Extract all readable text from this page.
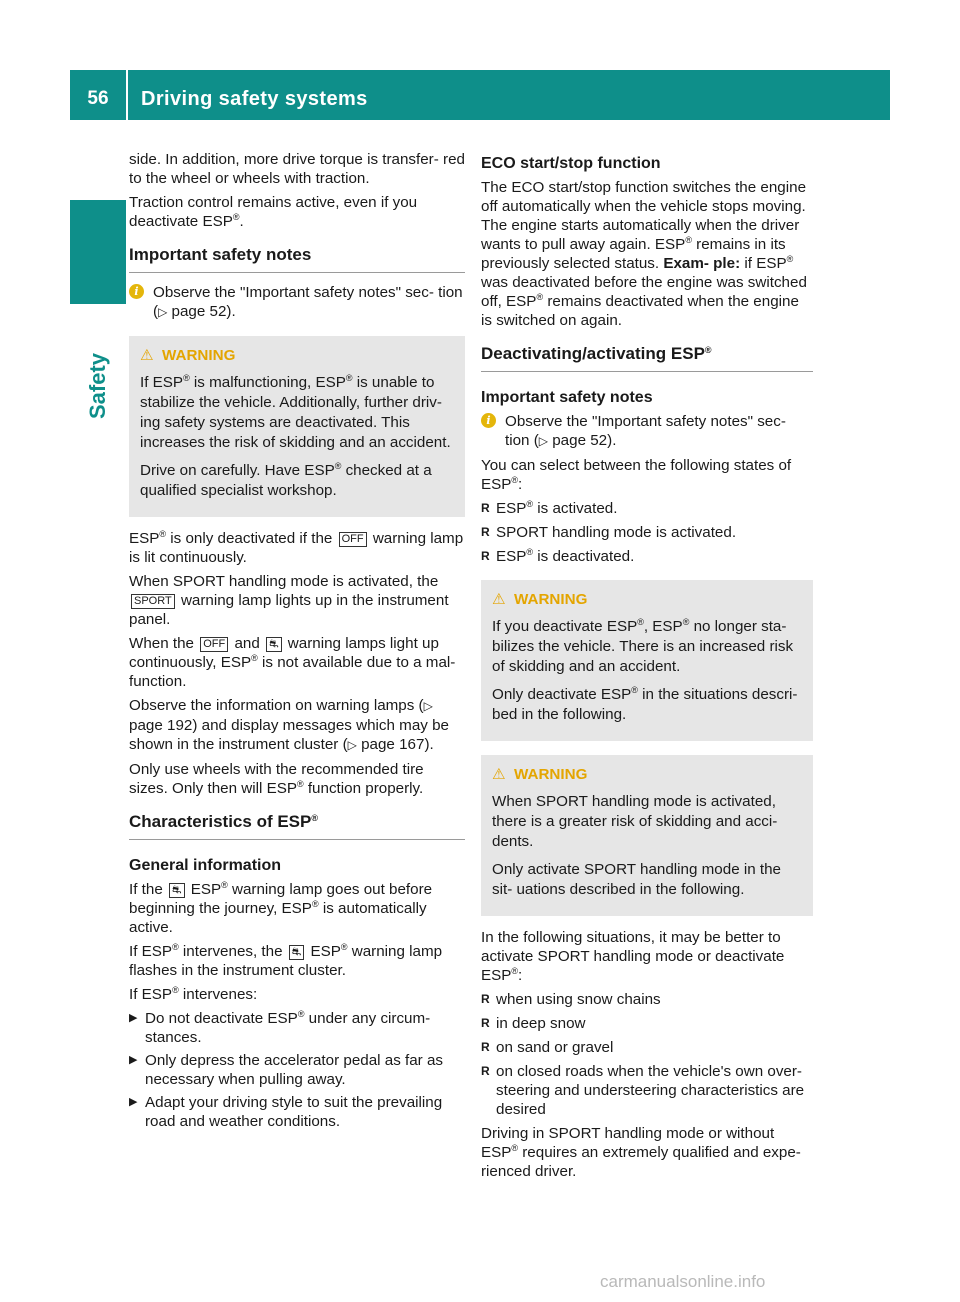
56	Driving safety systems
Safety

side. In addition, more drive torque is transfer- red to the wheel or wheels with traction.

Traction control remains active, even if you deactivate ESP®.

Important safety notes
i Observe the "Important safety notes" sec- tion (▷ page 52).
⚠ WARNING

If ESP® is malfunctioning, ESP® is unable to stabilize the vehicle. Additionally, further driv- ing safety systems are deactivated. This increases the risk of skidding and an accident.

Drive on carefully. Have ESP® checked at a qualified specialist workshop.

ESP® is only deactivated if the OFF warning lamp is lit continuously.

When SPORT handling mode is activated, the SPORT warning lamp lights up in the instrument panel.

When the OFF and ⛐ warning lamps light up continuously, ESP® is not available due to a mal- function.

Observe the information on warning lamps (▷ page 192) and display messages which may be shown in the instrument cluster (▷ page 167).

Only use wheels with the recommended tire sizes. Only then will ESP® function properly.

Characteristics of ESP®
General information

If the ⛐ ESP® warning lamp goes out before beginning the journey, ESP® is automatically active.

If ESP® intervenes, the ⛐ ESP® warning lamp flashes in the instrument cluster.

If ESP® intervenes:

▶ Do not deactivate ESP® under any circum- stances.
▶ Only depress the accelerator pedal as far as necessary when pulling away.
▶ Adapt your driving style to suit the prevailing road and weather conditions.
ECO start/stop function

The ECO start/stop function switches the engine off automatically when the vehicle stops moving. The engine starts automatically when the driver wants to pull away again. ESP® remains in its previously selected status. Exam- ple: if ESP® was deactivated before the engine was switched off, ESP® remains deactivated when the engine is switched on again.

Deactivating/activating ESP®
Important safety notes
i Observe the "Important safety notes" sec- tion (▷ page 52).

You can select between the following states of ESP®:

R ESP® is activated.
R SPORT handling mode is activated.
R ESP® is deactivated.
⚠ WARNING

If you deactivate ESP®, ESP® no longer sta- bilizes the vehicle. There is an increased risk of skidding and an accident.

Only deactivate ESP® in the situations descri- bed in the following.

⚠ WARNING

When SPORT handling mode is activated, there is a greater risk of skidding and acci- dents.

Only activate SPORT handling mode in the sit- uations described in the following.

In the following situations, it may be better to activate SPORT handling mode or deactivate ESP®:

R when using snow chains
R in deep snow
R on sand or gravel
R on closed roads when the vehicle's own over- steering and understeering characteristics are desired

Driving in SPORT handling mode or without ESP® requires an extremely qualified and expe- rienced driver.

carmanualsonline.info
